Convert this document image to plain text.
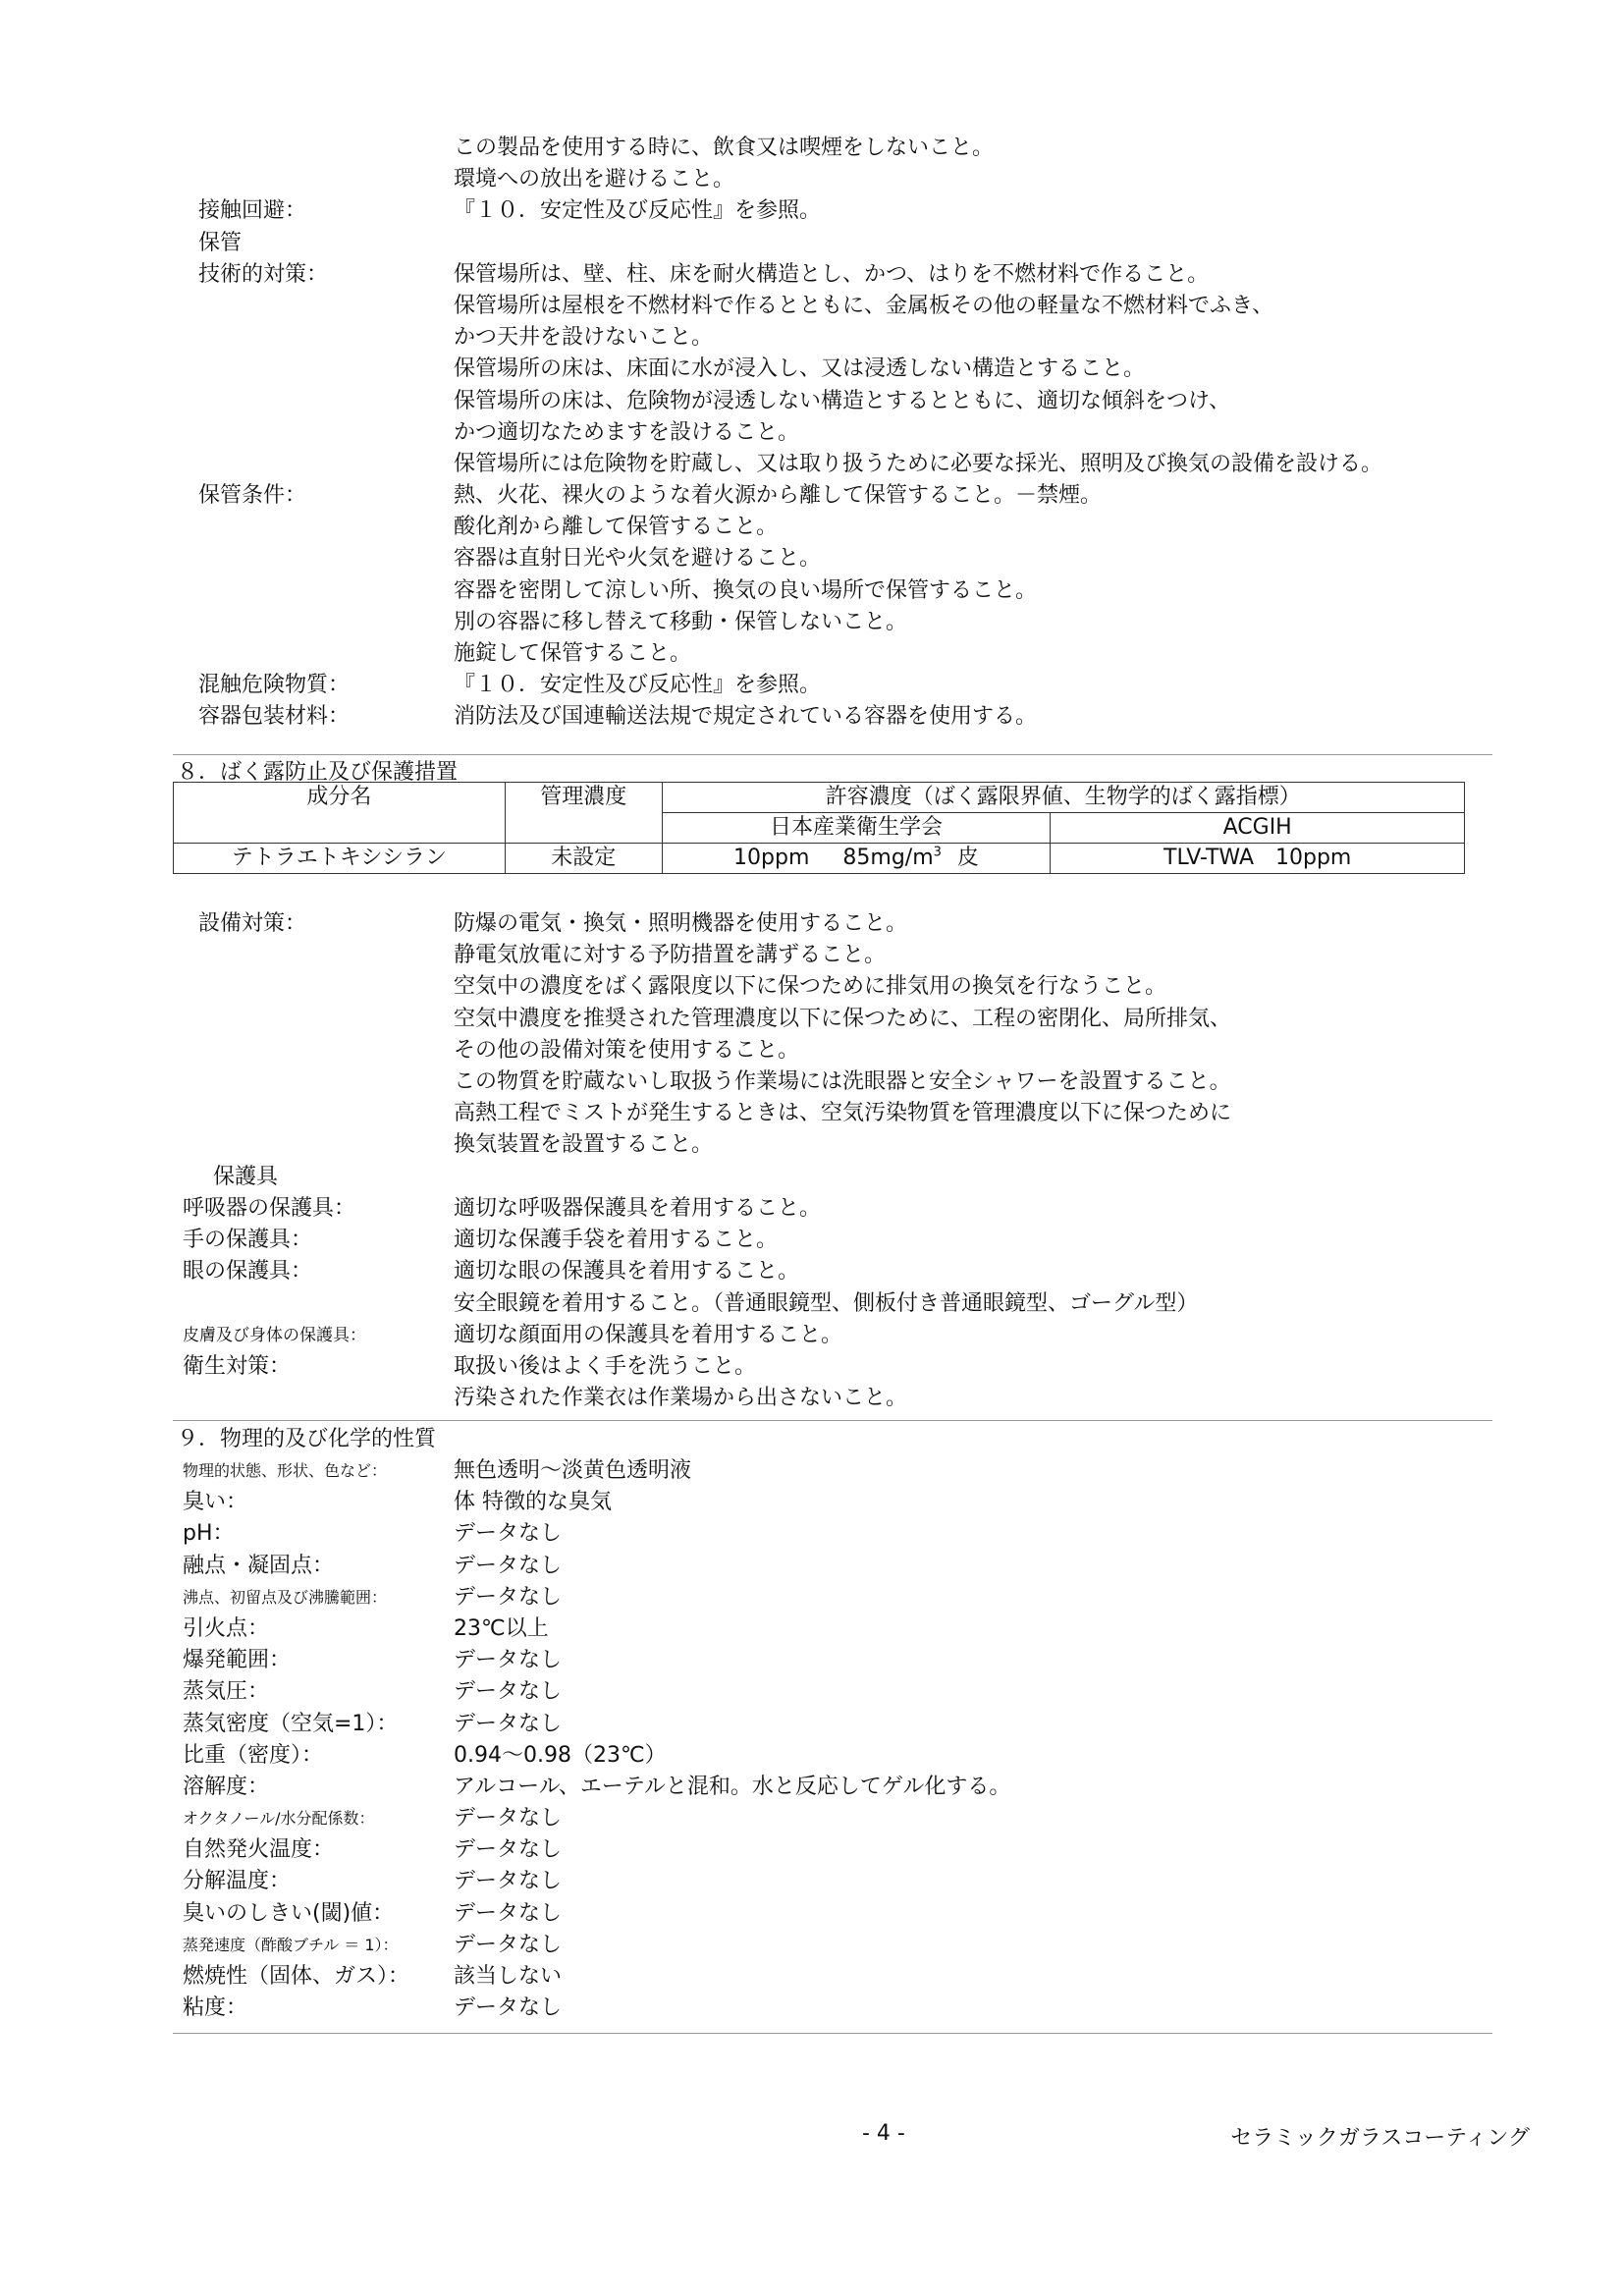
この製品を使用する時に、飲食又は喫煙をしないこと。
環境への放出を避けること。
接触回避：	『１０．安定性及び反応性』を参照。
保管
技術的対策：	保管場所は、壁、柱、床を耐火構造とし、かつ、はりを不燃材料で作ること。
保管場所は屋根を不燃材料で作るとともに、金属板その他の軽量な不燃材料でふき、
かつ天井を設けないこと。
保管場所の床は、床面に水が浸入し、又は浸透しない構造とすること。
保管場所の床は、危険物が浸透しない構造とするとともに、適切な傾斜をつけ、
かつ適切なためますを設けること。
保管場所には危険物を貯蔵し、又は取り扱うために必要な採光、照明及び換気の設備を設ける。
保管条件：	熱、火花、裸火のような着火源から離して保管すること。－禁煙。
酸化剤から離して保管すること。
容器は直射日光や火気を避けること。
容器を密閉して涼しい所、換気の良い場所で保管すること。
別の容器に移し替えて移動・保管しないこと。
施錠して保管すること。
混触危険物質：	『１０．安定性及び反応性』を参照。
容器包装材料：	消防法及び国連輸送法規で規定されている容器を使用する。
８．ばく露防止及び保護措置
成分名	管理濃度	許容濃度（ばく露限界値、生物学的ばく露指標）	
		日本産業衛生学会	ACGIH
テトラエトキシシラン	未設定	10ppm $85mg/m^3$ 皮	TLV-TWA　10ppm
設備対策：	防爆の電気・換気・照明機器を使用すること。
静電気放電に対する予防措置を講ずること。
空気中の濃度をばく露限度以下に保つために排気用の換気を行なうこと。
空気中濃度を推奨された管理濃度以下に保つために、工程の密閉化、局所排気、
その他の設備対策を使用すること。
この物質を貯蔵ないし取扱う作業場には洗眼器と安全シャワーを設置すること。
高熱工程でミストが発生するときは、空気汚染物質を管理濃度以下に保つために
換気装置を設置すること。
保護具
呼吸器の保護具：	適切な呼吸器保護具を着用すること。
手の保護具：	適切な保護手袋を着用すること。
眼の保護具：	適切な眼の保護具を着用すること。
安全眼鏡を着用すること。（普通眼鏡型、側板付き普通眼鏡型、ゴーグル型）
皮膚及び身体の保護具：	適切な顔面用の保護具を着用すること。
衛生対策：	取扱い後はよく手を洗うこと。
汚染された作業衣は作業場から出さないこと。
９．物理的及び化学的性質
物理的状態、形状、色など：	無色透明～淡黄色透明液
臭い：	体 特徴的な臭気
pH：	データなし
融点・凝固点：	データなし
沸点、初留点及び沸騰範囲：	データなし
引火点：	23℃以上
爆発範囲：	データなし
蒸気圧：	データなし
蒸気密度（空気=1）：	データなし
比重（密度）：	0.94～0.98（23℃）
溶解度：	アルコール、エーテルと混和。水と反応してゲル化する。
オクタノール/水分配係数：	データなし
自然発火温度：	データなし
分解温度：	データなし
臭いのしきい(閾)値：	データなし
蒸発速度（酢酸ブチル ＝ 1）：	データなし
燃焼性（固体、ガス）：	該当しない
粘度：	データなし
- 4 -	セラミックガラスコーティング
